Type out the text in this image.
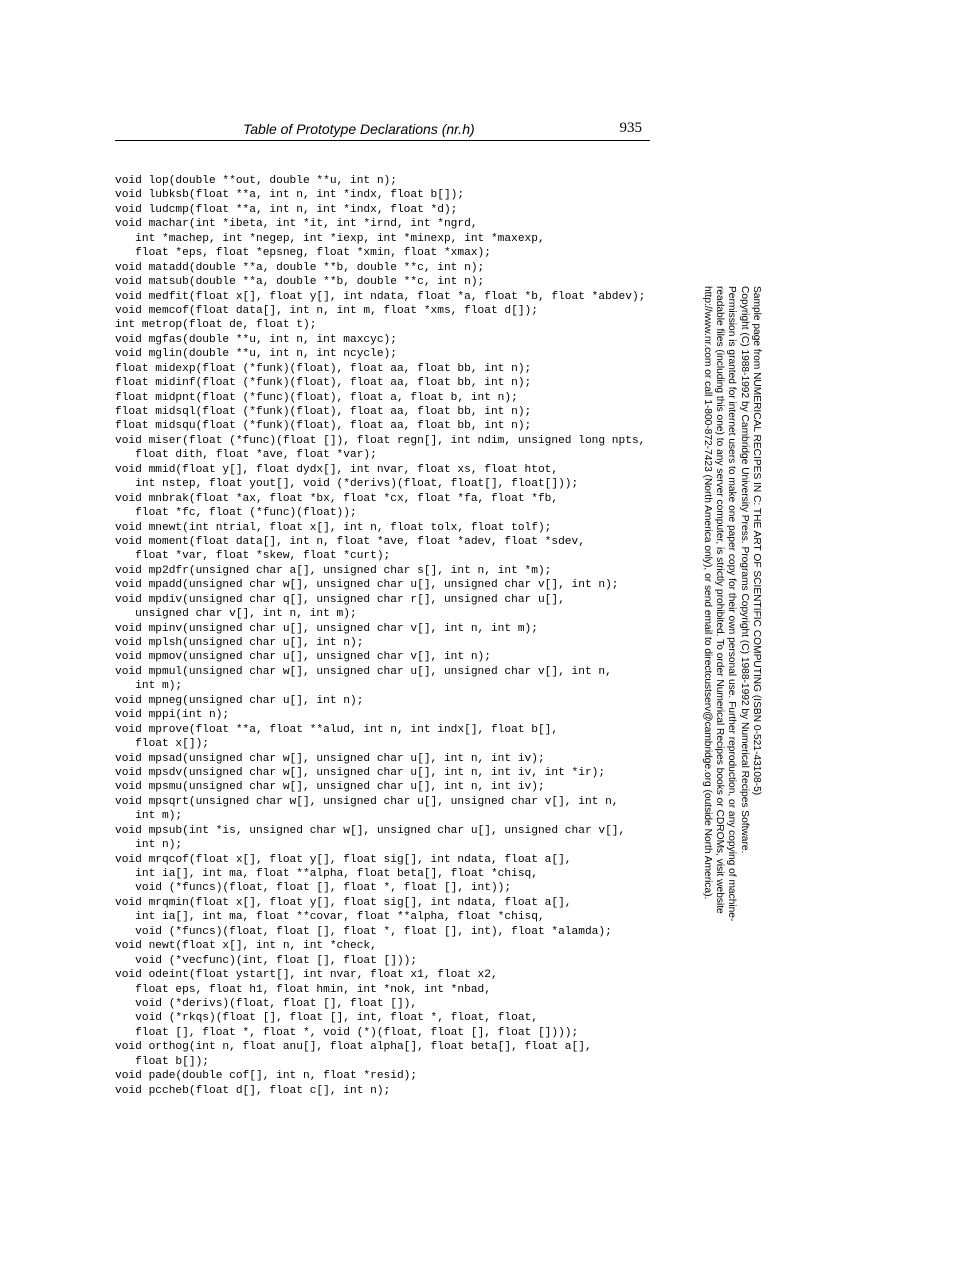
Table of Prototype Declarations (nr.h)	935
void lop(double **out, double **u, int n);
void lubksb(float **a, int n, int *indx, float b[]);
void ludcmp(float **a, int n, int *indx, float *d);
void machar(int *ibeta, int *it, int *irnd, int *ngrd,
int *machep, int *negep, int *iexp, int *minexp, int *maxexp,
float *eps, float *epsneg, float *xmin, float *xmax);
void matadd(double **a, double **b, double **c, int n);
void matsub(double **a, double **b, double **c, int n);
void medfit(float x[], float y[], int ndata, float *a, float *b, float *abdev);
void memcof(float data[], int n, int m, float *xms, float d[]);
int metrop(float de, float t);
void mgfas(double **u, int n, int maxcyc);
void mglin(double **u, int n, int ncycle);
float midexp(float (*funk)(float), float aa, float bb, int n);
float midinf(float (*funk)(float), float aa, float bb, int n);
float midpnt(float (*func)(float), float a, float b, int n);
float midsql(float (*funk)(float), float aa, float bb, int n);
float midsqu(float (*funk)(float), float aa, float bb, int n);
void miser(float (*func)(float []), float regn[], int ndim, unsigned long npts,
float dith, float *ave, float *var);
void mmid(float y[], float dydx[], int nvar, float xs, float htot,
int nstep, float yout[], void (*derivs)(float, float[], float[]));
void mnbrak(float *ax, float *bx, float *cx, float *fa, float *fb,
float *fc, float (*func)(float));
void mnewt(int ntrial, float x[], int n, float tolx, float tolf);
void moment(float data[], int n, float *ave, float *adev, float *sdev,
float *var, float *skew, float *curt);
void mp2dfr(unsigned char a[], unsigned char s[], int n, int *m);
void mpadd(unsigned char w[], unsigned char u[], unsigned char v[], int n);
void mpdiv(unsigned char q[], unsigned char r[], unsigned char u[],
unsigned char v[], int n, int m);
void mpinv(unsigned char u[], unsigned char v[], int n, int m);
void mplsh(unsigned char u[], int n);
void mpmov(unsigned char u[], unsigned char v[], int n);
void mpmul(unsigned char w[], unsigned char u[], unsigned char v[], int n,
int m);
void mpneg(unsigned char u[], int n);
void mppi(int n);
void mprove(float **a, float **alud, int n, int indx[], float b[],
float x[]);
void mpsad(unsigned char w[], unsigned char u[], int n, int iv);
void mpsdv(unsigned char w[], unsigned char u[], int n, int iv, int *ir);
void mpsmu(unsigned char w[], unsigned char u[], int n, int iv);
void mpsqrt(unsigned char w[], unsigned char u[], unsigned char v[], int n,
int m);
void mpsub(int *is, unsigned char w[], unsigned char u[], unsigned char v[],
int n);
void mrqcof(float x[], float y[], float sig[], int ndata, float a[],
int ia[], int ma, float **alpha, float beta[], float *chisq,
void (*funcs)(float, float [], float *, float [], int));
void mrqmin(float x[], float y[], float sig[], int ndata, float a[],
int ia[], int ma, float **covar, float **alpha, float *chisq,
void (*funcs)(float, float [], float *, float [], int), float *alamda);
void newt(float x[], int n, int *check,
void (*vecfunc)(int, float [], float []));
void odeint(float ystart[], int nvar, float x1, float x2,
float eps, float h1, float hmin, int *nok, int *nbad,
void (*derivs)(float, float [], float []),
void (*rkqs)(float [], float [], int, float *, float, float,
float [], float *, float *, void (*)(float, float [], float [])));
void orthog(int n, float anu[], float alpha[], float beta[], float a[],
float b[]);
void pade(double cof[], int n, float *resid);
void pccheb(float d[], float c[], int n);
Sample page from NUMERICAL RECIPES IN C: THE ART OF SCIENTIFIC COMPUTING (ISBN 0-521-43108-5)
Copyright (C) 1988-1992 by Cambridge University Press. Programs Copyright (C) 1988-1992 by Numerical Recipes Software.
Permission is granted for internet users to make one paper copy for their own personal use. Further reproduction, or any copying of machine-
readable files (including this one) to any server computer, is strictly prohibited. To order Numerical Recipes books or CDROMs, visit website
http://www.nr.com or call 1-800-872-7423 (North America only), or send email to directcustserv@cambridge.org (outside North America).
